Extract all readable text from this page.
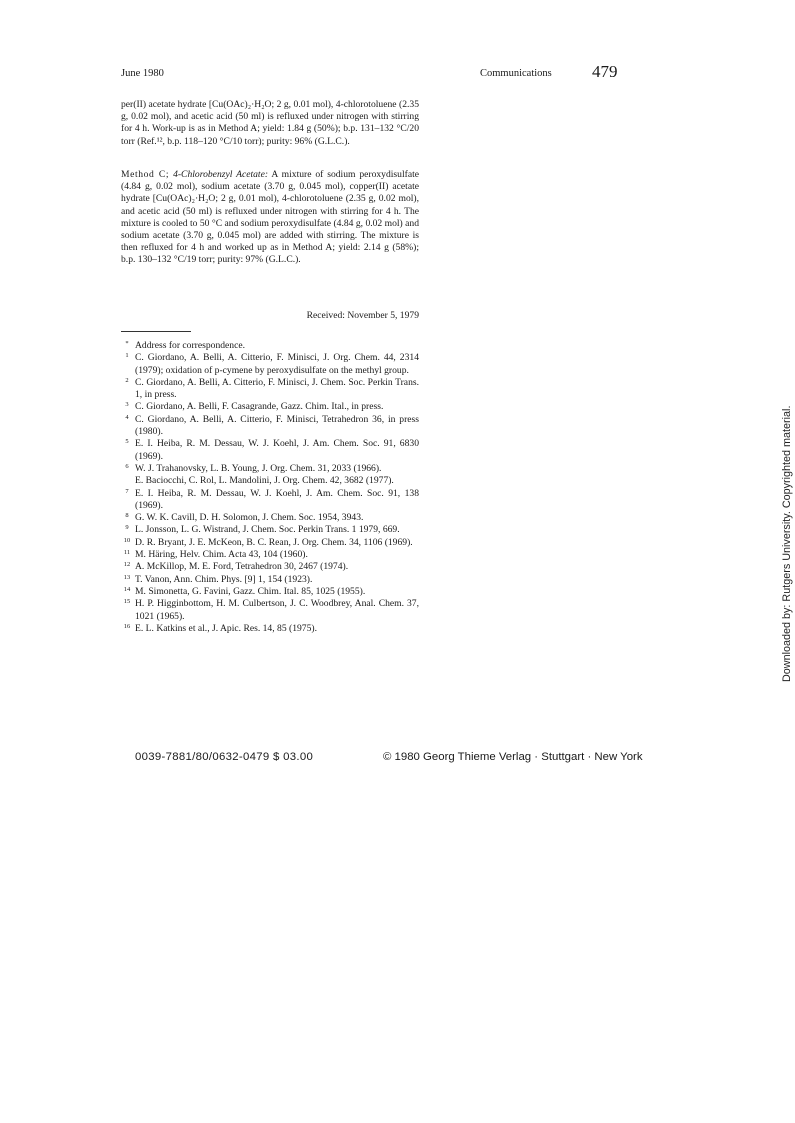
June 1980	Communications 479
per(II) acetate hydrate [Cu(OAc)₂·H₂O; 2 g, 0.01 mol), 4-chlorotoluene (2.35 g, 0.02 mol), and acetic acid (50 ml) is refluxed under nitrogen with stirring for 4 h. Work-up is as in Method A; yield: 1.84 g (50%); b.p. 131–132 °C/20 torr (Ref.¹², b.p. 118–120 °C/10 torr); purity: 96% (G.L.C.).
Method C; 4-Chlorobenzyl Acetate: A mixture of sodium peroxydisulfate (4.84 g, 0.02 mol), sodium acetate (3.70 g, 0.045 mol), copper(II) acetate hydrate [Cu(OAc)₂·H₂O; 2 g, 0.01 mol), 4-chlorotoluene (2.35 g, 0.02 mol), and acetic acid (50 ml) is refluxed under nitrogen with stirring for 4 h. The mixture is cooled to 50 °C and sodium peroxydisulfate (4.84 g, 0.02 mol) and sodium acetate (3.70 g, 0.045 mol) are added with stirring. The mixture is then refluxed for 4 h and worked up as in Method A; yield: 2.14 g (58%); b.p. 130–132 °C/19 torr; purity: 97% (G.L.C.).
Received: November 5, 1979
* Address for correspondence.
1 C. Giordano, A. Belli, A. Citterio, F. Minisci, J. Org. Chem. 44, 2314 (1979); oxidation of p-cymene by peroxydisulfate on the methyl group.
2 C. Giordano, A. Belli, A. Citterio, F. Minisci, J. Chem. Soc. Perkin Trans. 1, in press.
3 C. Giordano, A. Belli, F. Casagrande, Gazz. Chim. Ital., in press.
4 C. Giordano, A. Belli, A. Citterio, F. Minisci, Tetrahedron 36, in press (1980).
5 E. I. Heiba, R. M. Dessau, W. J. Koehl, J. Am. Chem. Soc. 91, 6830 (1969).
6 W. J. Trahanovsky, L. B. Young, J. Org. Chem. 31, 2033 (1966).
E. Baciocchi, C. Rol, L. Mandolini, J. Org. Chem. 42, 3682 (1977).
7 E. I. Heiba, R. M. Dessau, W. J. Koehl, J. Am. Chem. Soc. 91, 138 (1969).
8 G. W. K. Cavill, D. H. Solomon, J. Chem. Soc. 1954, 3943.
9 L. Jonsson, L. G. Wistrand, J. Chem. Soc. Perkin Trans. 1 1979, 669.
10 D. R. Bryant, J. E. McKeon, B. C. Rean, J. Org. Chem. 34, 1106 (1969).
11 M. Häring, Helv. Chim. Acta 43, 104 (1960).
12 A. McKillop, M. E. Ford, Tetrahedron 30, 2467 (1974).
13 T. Vanon, Ann. Chim. Phys. [9] 1, 154 (1923).
14 M. Simonetta, G. Favini, Gazz. Chim. Ital. 85, 1025 (1955).
15 H. P. Higginbottom, H. M. Culbertson, J. C. Woodbrey, Anal. Chem. 37, 1021 (1965).
16 E. L. Katkins et al., J. Apic. Res. 14, 85 (1975).
0039-7881/80/0632-0479 $ 03.00	© 1980 Georg Thieme Verlag · Stuttgart · New York
Downloaded by: Rutgers University. Copyrighted material.
